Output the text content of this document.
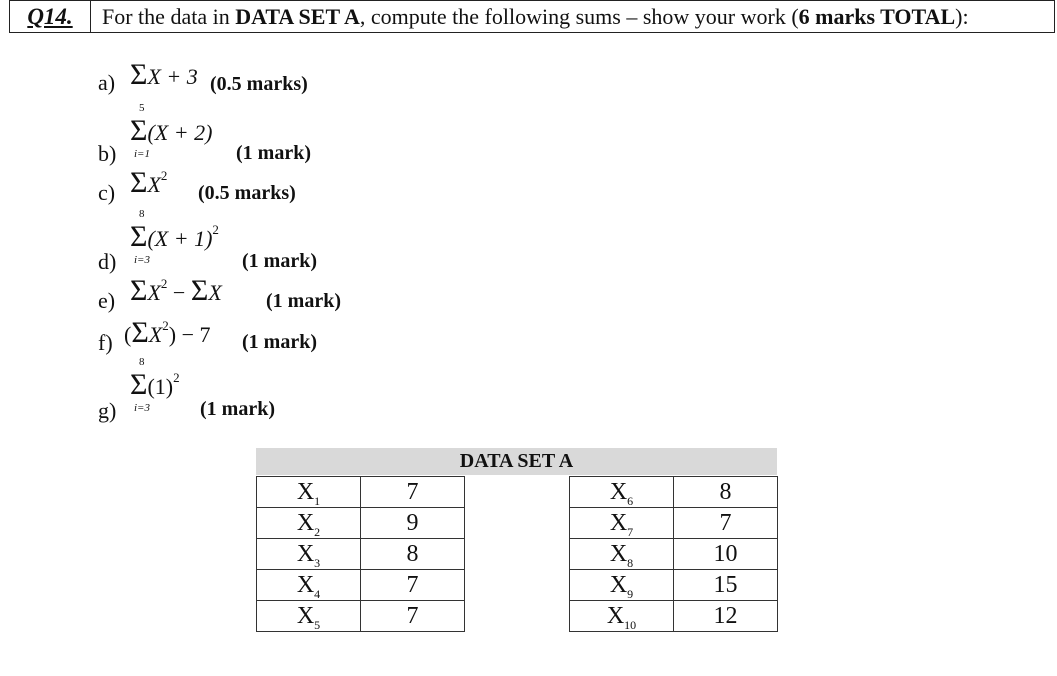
Q14.	For the data in DATA SET A, compute the following sums – show your work (6 marks TOTAL):
a) ΣX + 3 (0.5 marks)
b)
Σ
5
i=1
(X + 2)
(1 mark)
c) $\Sigma X^2$
(0.5 marks)
d)
Σ
8
i=3
$(X + 1)^2$
(1 mark)
e) $\Sigma X^2 - \Sigma X$ (1 mark)
f) $(\Sigma X^2) - 7$ (1 mark)
g)
Σ
8
i=3
$(1)^2$
(1 mark)
DATA SET A
$X_1$	7
$X_2$	9
$X_3$	8
$X_4$	7
$X_5$	7
$X_6$	8
$X_7$	7
$X_8$	10
$X_9$	15
$X_{10}$	12
